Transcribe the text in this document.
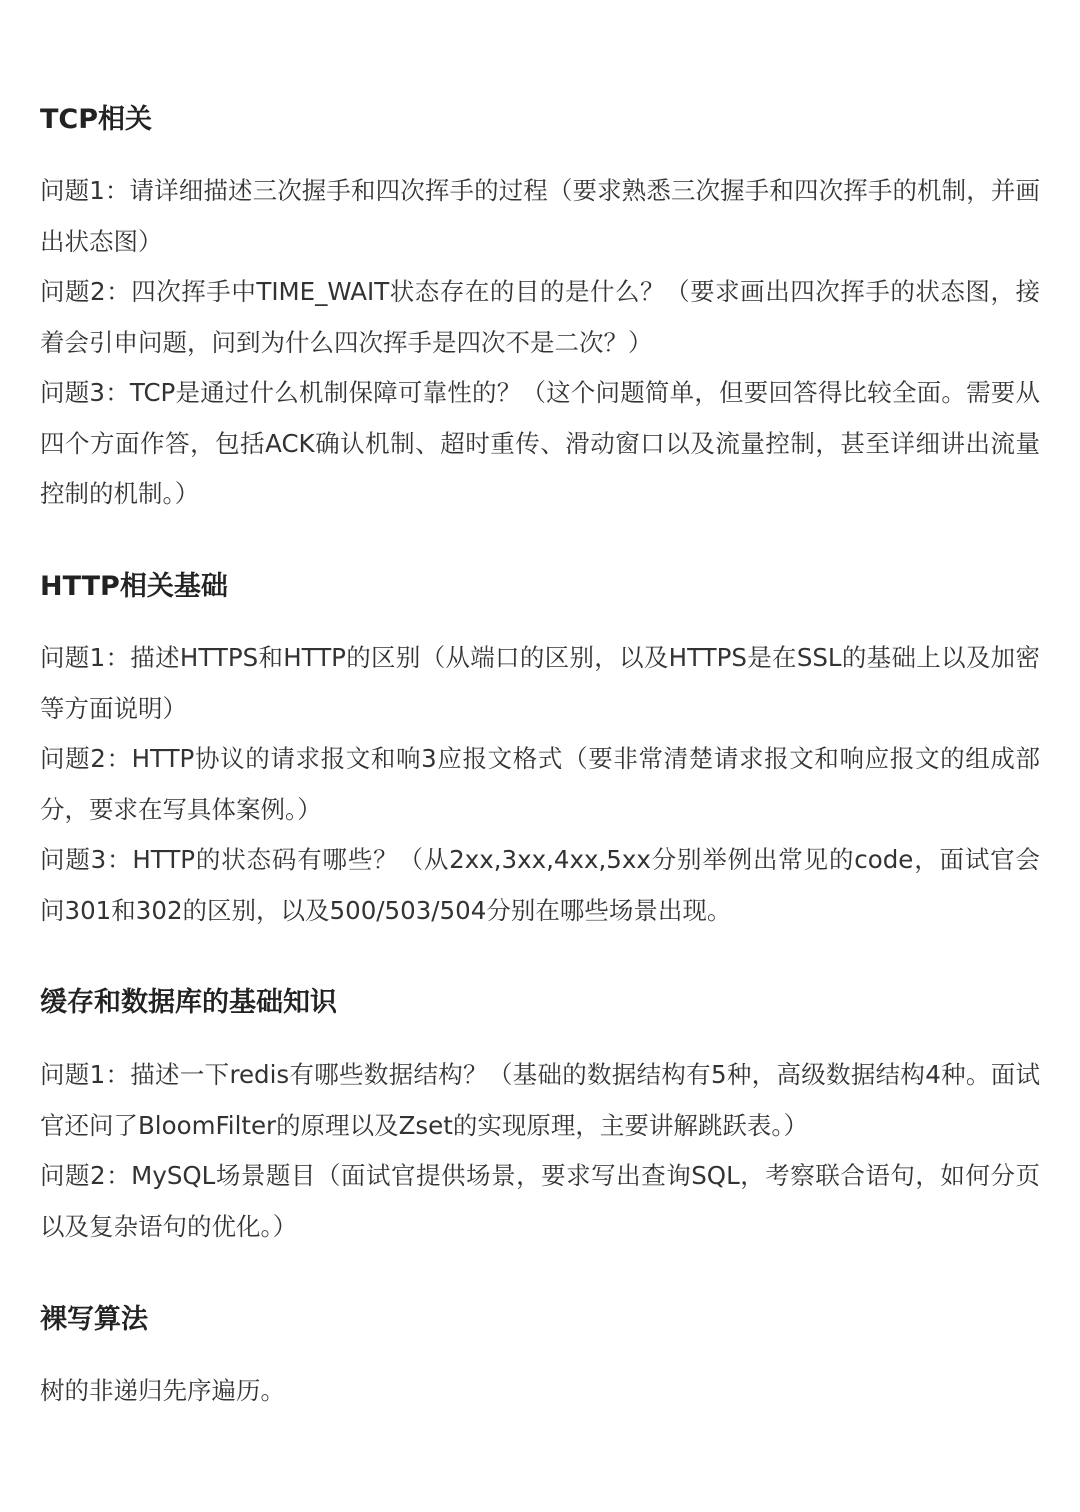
TCP相关

问题1：请详细描述三次握手和四次挥手的过程（要求熟悉三次握手和四次挥手的机制，并画出状态图）

问题2：四次挥手中TIME_WAIT状态存在的目的是什么？（要求画出四次挥手的状态图，接着会引申问题，问到为什么四次挥手是四次不是二次？）

问题3：TCP是通过什么机制保障可靠性的？（这个问题简单，但要回答得比较全面。需要从四个方面作答，包括ACK确认机制、超时重传、滑动窗口以及流量控制，甚至详细讲出流量控制的机制。）

HTTP相关基础

问题1：描述HTTPS和HTTP的区别（从端口的区别，以及HTTPS是在SSL的基础上以及加密等方面说明）

问题2：HTTP协议的请求报文和响3应报文格式（要非常清楚请求报文和响应报文的组成部分，要求在写具体案例。）

问题3：HTTP的状态码有哪些？（从2xx,3xx,4xx,5xx分别举例出常见的code，面试官会问301和302的区别，以及500/503/504分别在哪些场景出现。

缓存和数据库的基础知识

问题1：描述一下redis有哪些数据结构？（基础的数据结构有5种，高级数据结构4种。面试官还问了BloomFilter的原理以及Zset的实现原理，主要讲解跳跃表。）

问题2：MySQL场景题目（面试官提供场景，要求写出查询SQL，考察联合语句，如何分页以及复杂语句的优化。）

裸写算法

树的非递归先序遍历。
